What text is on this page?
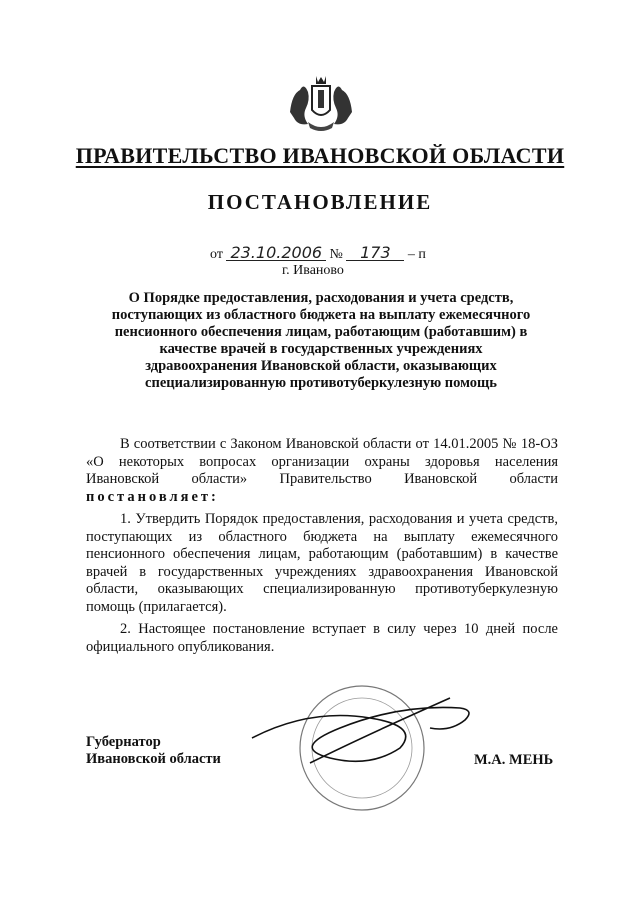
ПРАВИТЕЛЬСТВО ИВАНОВСКОЙ ОБЛАСТИ
ПОСТАНОВЛЕНИЕ
от 23.10.2006 № 173 – п
г. Иваново
О Порядке предоставления, расходования и учета средств, поступающих из областного бюджета на выплату ежемесячного пенсионного обеспечения лицам, работающим (работавшим) в качестве врачей в государственных учреждениях здравоохранения Ивановской области, оказывающих специализированную противотуберкулезную помощь

В соответствии с Законом Ивановской области от 14.01.2005 № 18-ОЗ «О некоторых вопросах организации охраны здоровья населения Ивановской области» Правительство Ивановской области постановляет:

1. Утвердить Порядок предоставления, расходования и учета средств, поступающих из областного бюджета на выплату ежемесячного пенсионного обеспечения лицам, работающим (работавшим) в качестве врачей в государственных учреждениях здравоохранения Ивановской области, оказывающих специализированную противотуберкулезную помощь (прилагается).

2. Настоящее постановление вступает в силу через 10 дней после официального опубликования.

Губернатор
Ивановской области	М.А. МЕНЬ
